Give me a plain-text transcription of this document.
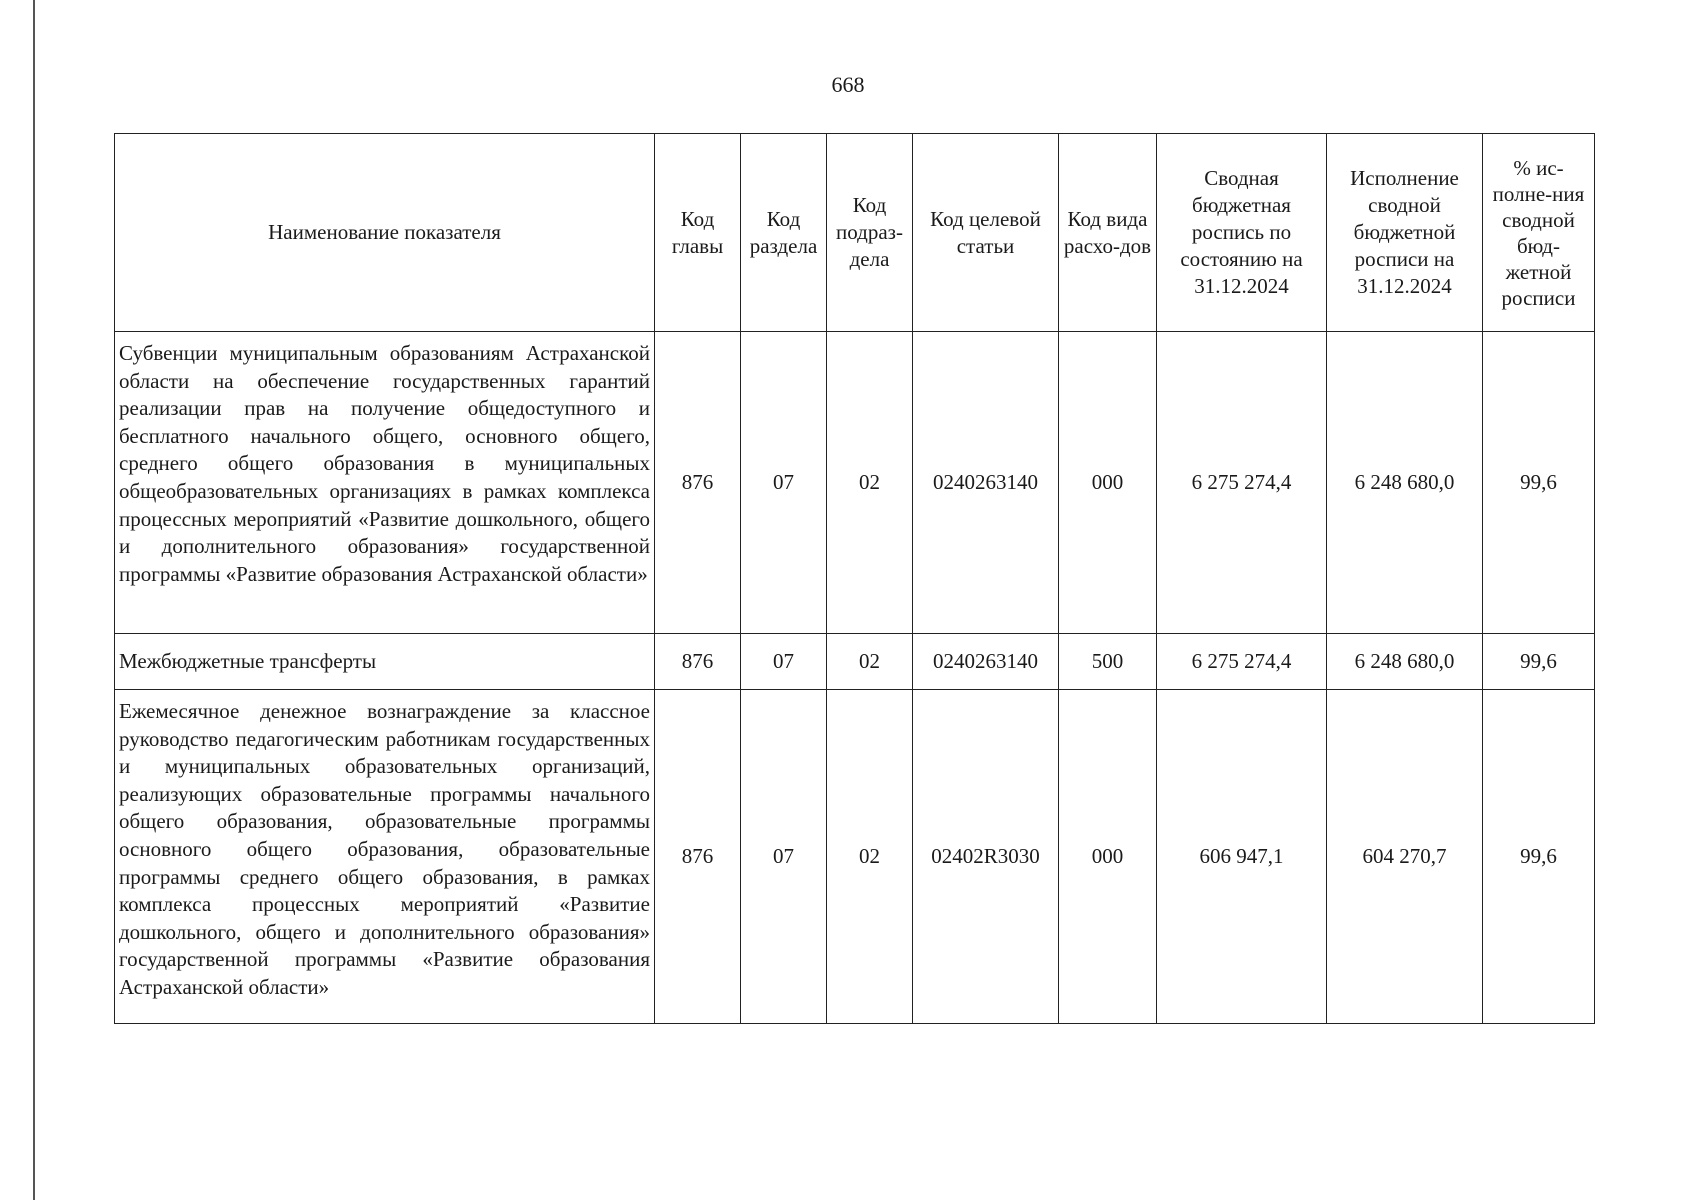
668
Наименование показателя	Код главы	Код раздела	Код подраз-дела	Код целевой статьи	Код вида расхо-дов	Сводная бюджетная роспись по состоянию на 31.12.2024	Исполнение сводной бюджетной росписи на 31.12.2024	% ис-полне-ния сводной бюд-жетной росписи
Субвенции муниципальным образованиям Астраханской области на обеспечение государственных гарантий реализации прав на получение общедоступного и бесплатного начального общего, основного общего, среднего общего образования в муниципальных общеобразовательных организациях в рамках комплекса процессных мероприятий «Развитие дошкольного, общего и дополнительного образования» государственной программы «Развитие образования Астраханской области»	876	07	02	0240263140	000	6 275 274,4	6 248 680,0	99,6
Межбюджетные трансферты	876	07	02	0240263140	500	6 275 274,4	6 248 680,0	99,6
Ежемесячное денежное вознаграждение за классное руководство педагогическим работникам государственных и муниципальных образовательных организаций, реализующих образовательные программы начального общего образования, образовательные программы основного общего образования, образовательные программы среднего общего образования, в рамках комплекса процессных мероприятий «Развитие дошкольного, общего и дополнительного образования» государственной программы «Развитие образования Астраханской области»	876	07	02	02402R3030	000	606 947,1	604 270,7	99,6
